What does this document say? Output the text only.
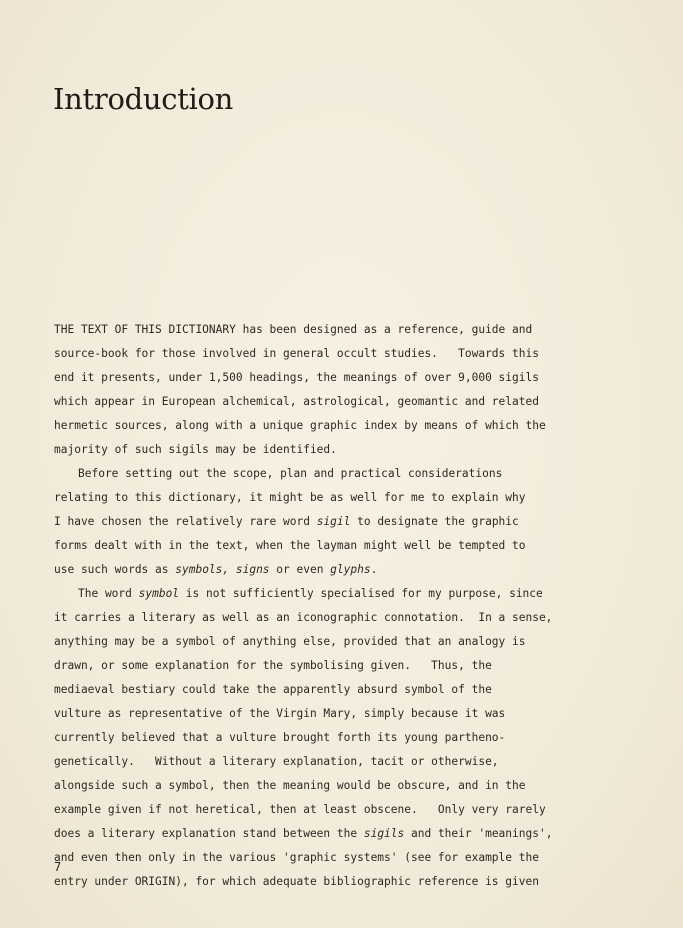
Introduction
THE TEXT OF THIS DICTIONARY has been designed as a reference, guide and
source-book for those involved in general occult studies.   Towards this
end it presents, under 1,500 headings, the meanings of over 9,000 sigils
which appear in European alchemical, astrological, geomantic and related
hermetic sources, along with a unique graphic index by means of which the
majority of such sigils may be identified.
Before setting out the scope, plan and practical considerations
relating to this dictionary, it might be as well for me to explain why
I have chosen the relatively rare word sigil to designate the graphic
forms dealt with in the text, when the layman might well be tempted to
use such words as symbols, signs or even glyphs.
The word symbol is not sufficiently specialised for my purpose, since
it carries a literary as well as an iconographic connotation.  In a sense,
anything may be a symbol of anything else, provided that an analogy is
drawn, or some explanation for the symbolising given.   Thus, the
mediaeval bestiary could take the apparently absurd symbol of the
vulture as representative of the Virgin Mary, simply because it was
currently believed that a vulture brought forth its young partheno-
genetically.   Without a literary explanation, tacit or otherwise,
alongside such a symbol, then the meaning would be obscure, and in the
example given if not heretical, then at least obscene.   Only very rarely
does a literary explanation stand between the sigils and their 'meanings',
and even then only in the various 'graphic systems' (see for example the
entry under ORIGIN), for which adequate bibliographic reference is given
7
